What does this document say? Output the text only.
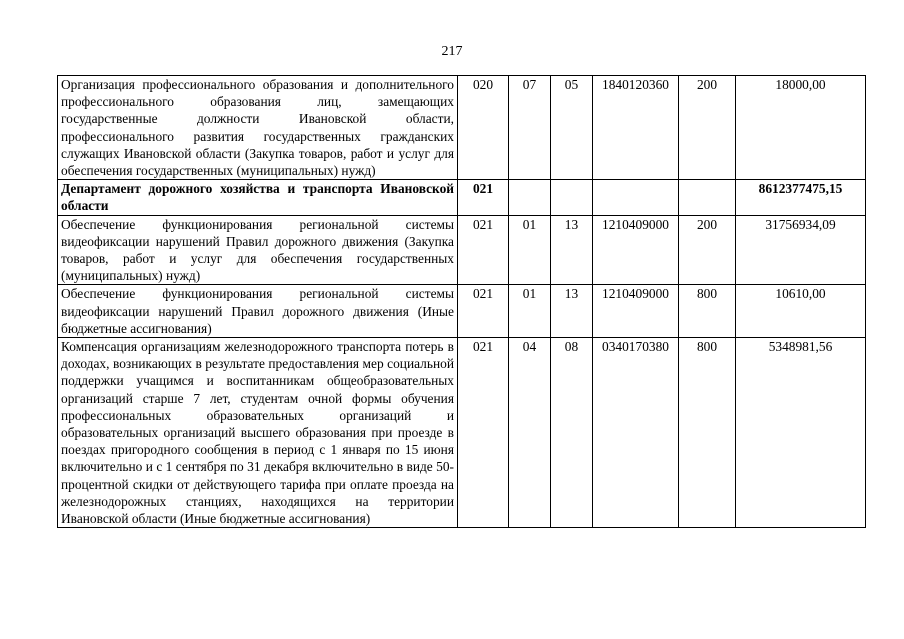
217
Организация профессионального образования и дополнительного профессионального образования лиц, замещающих государственные должности Ивановской области, профессионального развития государственных гражданских служащих Ивановской области (Закупка товаров, работ и услуг для обеспечения государственных (муниципальных) нужд)	020	07	05	1840120360	200	18000,00
Департамент дорожного хозяйства и транспорта Ивановской области	021					8612377475,15
Обеспечение функционирования региональной системы видеофиксации нарушений Правил дорожного движения (Закупка товаров, работ и услуг для обеспечения государственных (муниципальных) нужд)	021	01	13	1210409000	200	31756934,09
Обеспечение функционирования региональной системы видеофиксации нарушений Правил дорожного движения (Иные бюджетные ассигнования)	021	01	13	1210409000	800	10610,00
Компенсация организациям железнодорожного транспорта потерь в доходах, возникающих в результате предоставления мер социальной поддержки учащимся и воспитанникам общеобразовательных организаций старше 7 лет, студентам очной формы обучения профессиональных образовательных организаций и образовательных организаций высшего образования при проезде в поездах пригородного сообщения в период с 1 января по 15 июня включительно и с 1 сентября по 31 декабря включительно в виде 50-процентной скидки от действующего тарифа при оплате проезда на железнодорожных станциях, находящихся на территории Ивановской области (Иные бюджетные ассигнования)	021	04	08	0340170380	800	5348981,56
